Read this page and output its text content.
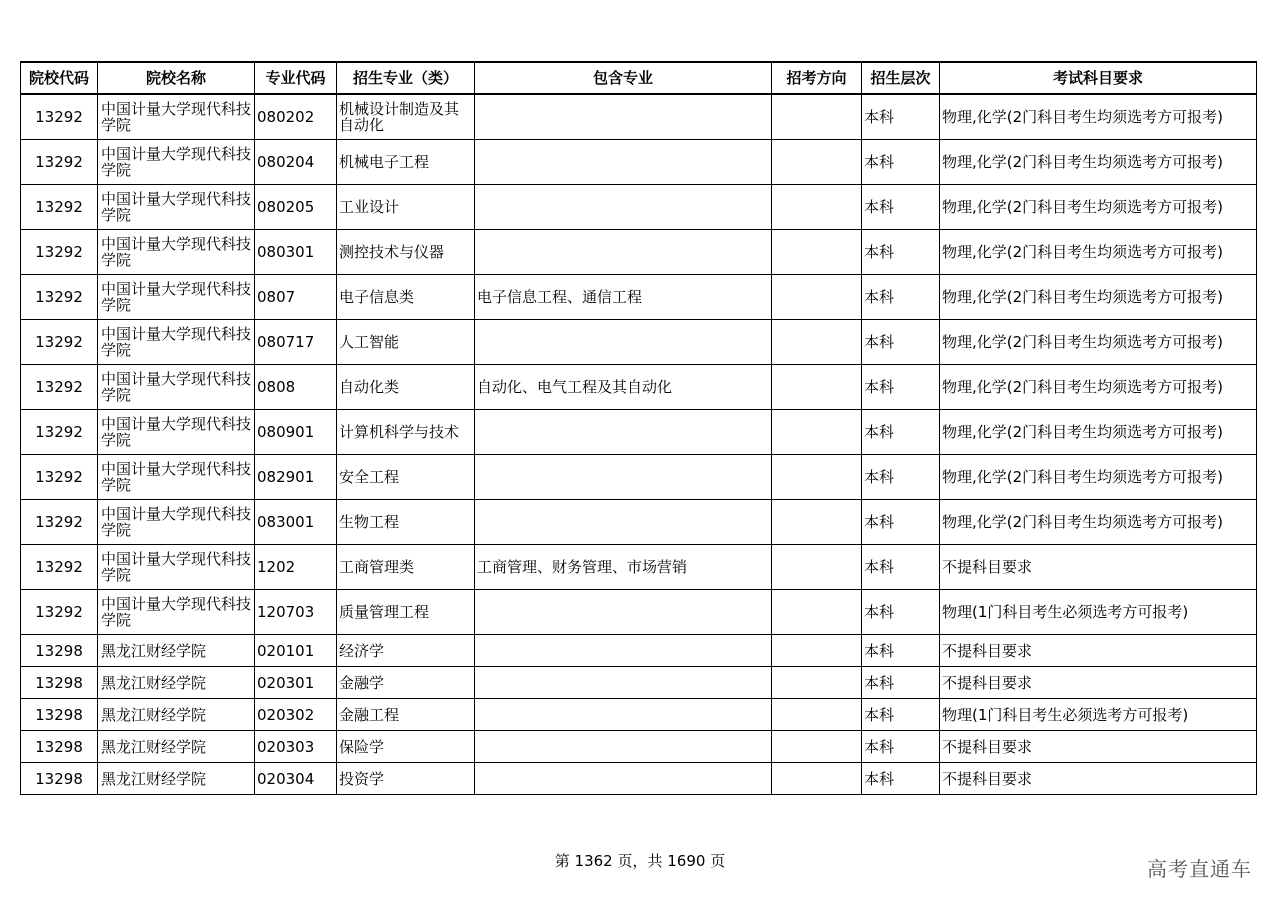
院校代码	院校名称	专业代码	招生专业（类）	包含专业	招考方向	招生层次	考试科目要求
13292	中国计量大学现代科技学院	080202	机械设计制造及其自动化			本科	物理,化学(2门科目考生均须选考方可报考)
13292	中国计量大学现代科技学院	080204	机械电子工程			本科	物理,化学(2门科目考生均须选考方可报考)
13292	中国计量大学现代科技学院	080205	工业设计			本科	物理,化学(2门科目考生均须选考方可报考)
13292	中国计量大学现代科技学院	080301	测控技术与仪器			本科	物理,化学(2门科目考生均须选考方可报考)
13292	中国计量大学现代科技学院	0807	电子信息类	电子信息工程、通信工程		本科	物理,化学(2门科目考生均须选考方可报考)
13292	中国计量大学现代科技学院	080717	人工智能			本科	物理,化学(2门科目考生均须选考方可报考)
13292	中国计量大学现代科技学院	0808	自动化类	自动化、电气工程及其自动化		本科	物理,化学(2门科目考生均须选考方可报考)
13292	中国计量大学现代科技学院	080901	计算机科学与技术			本科	物理,化学(2门科目考生均须选考方可报考)
13292	中国计量大学现代科技学院	082901	安全工程			本科	物理,化学(2门科目考生均须选考方可报考)
13292	中国计量大学现代科技学院	083001	生物工程			本科	物理,化学(2门科目考生均须选考方可报考)
13292	中国计量大学现代科技学院	1202	工商管理类	工商管理、财务管理、市场营销		本科	不提科目要求
13292	中国计量大学现代科技学院	120703	质量管理工程			本科	物理(1门科目考生必须选考方可报考)
13298	黑龙江财经学院	020101	经济学			本科	不提科目要求
13298	黑龙江财经学院	020301	金融学			本科	不提科目要求
13298	黑龙江财经学院	020302	金融工程			本科	物理(1门科目考生必须选考方可报考)
13298	黑龙江财经学院	020303	保险学			本科	不提科目要求
13298	黑龙江财经学院	020304	投资学			本科	不提科目要求
第 1362 页，共 1690 页	高考直通车
